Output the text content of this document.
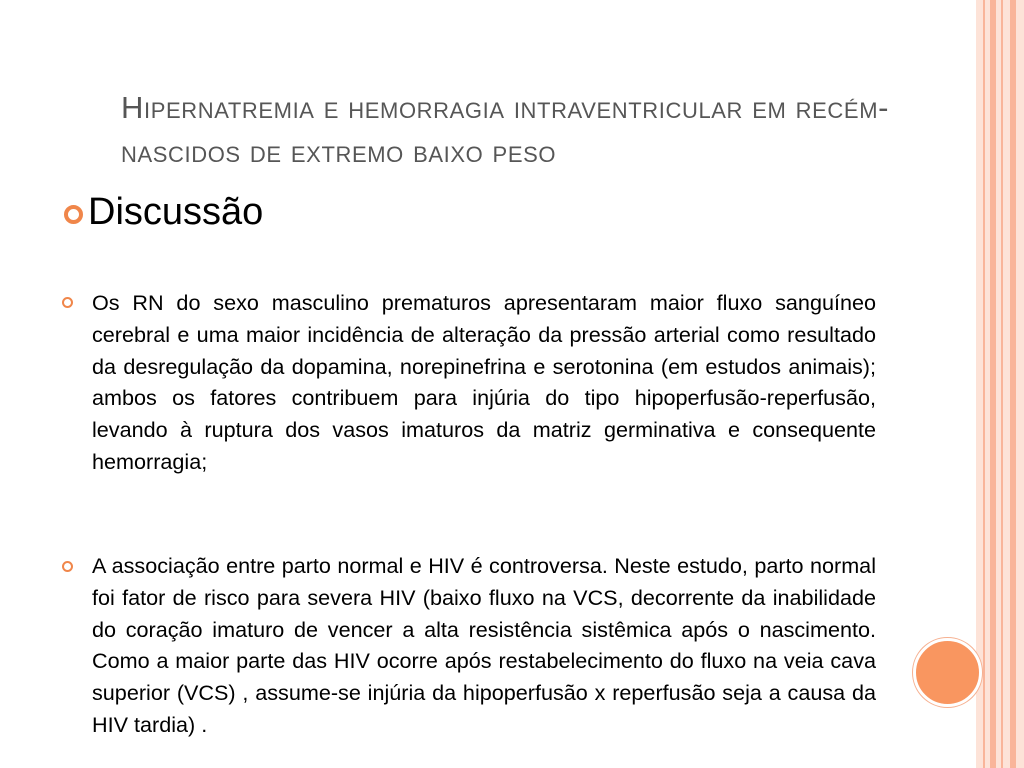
Hipernatremia e hemorragia intraventricular em recém-nascidos de extremo baixo peso
Discussão

Os RN do sexo masculino prematuros apresentaram maior fluxo sanguíneo cerebral e uma maior incidência de alteração da pressão arterial como resultado da desregulação da dopamina, norepinefrina e serotonina (em estudos animais); ambos os fatores contribuem para injúria do tipo hipoperfusão-reperfusão, levando à ruptura dos vasos imaturos da matriz germinativa e consequente hemorragia;

A associação entre parto normal e HIV é controversa. Neste estudo, parto normal foi fator de risco para severa HIV (baixo fluxo na VCS, decorrente da inabilidade do coração imaturo de vencer a alta resistência sistêmica após o nascimento. Como a maior parte das HIV ocorre após restabelecimento do fluxo na veia cava superior (VCS) , assume-se injúria da hipoperfusão x reperfusão seja a causa da HIV tardia) .
